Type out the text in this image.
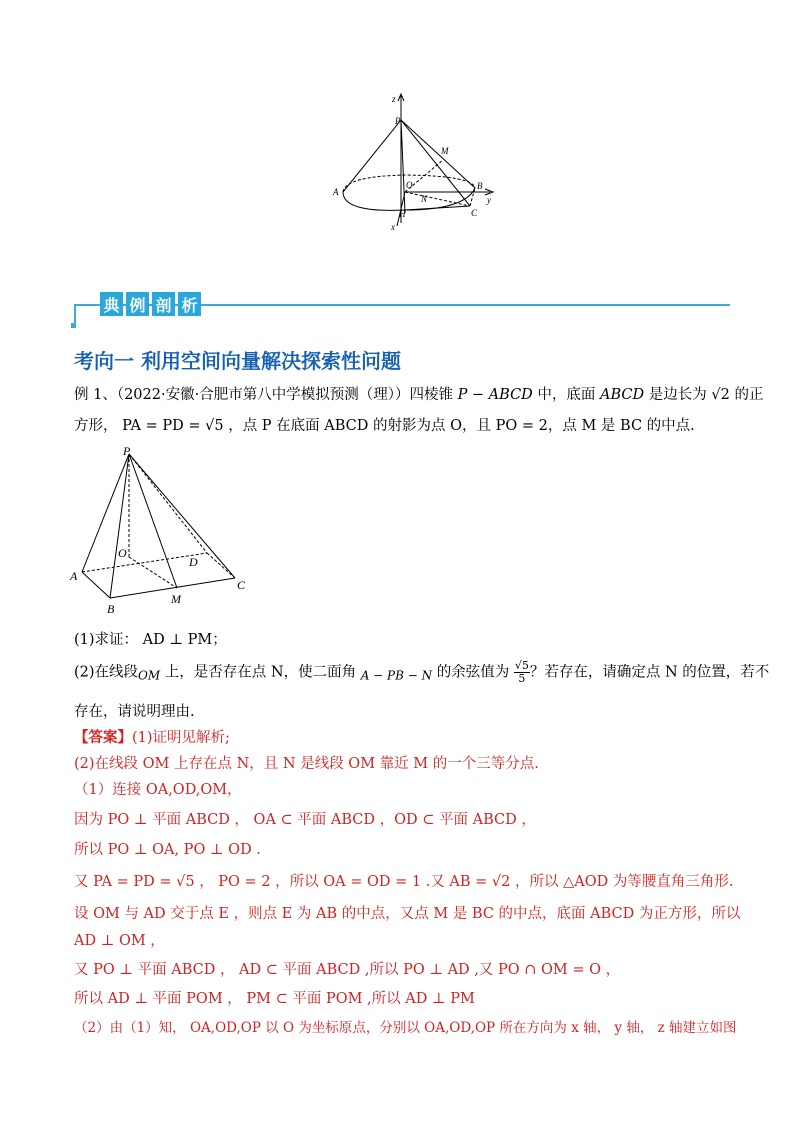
z
P
M
A
O
N
B
y
H	C
x
典 例 剖 析
考向一 利用空间向量解决探索性问题
例 1、（2022·安徽·合肥市第八中学模拟预测（理））四棱锥 P − ABCD 中，底面 ABCD 是边长为 √2 的正
方形， PA = PD = √5 ，点 P 在底面 ABCD 的射影为点 O，且 PO = 2，点 M 是 BC 的中点.
P
O
D
A
C
B
M
(1)求证： AD ⊥ PM；
(2)在线段$_{OM}$ 上，是否存在点 N，使二面角 $_{A - PB - N}$ 的余弦值为 $\frac{√5}{5}$ ？若存在，请确定点 N 的位置，若不
存在，请说明理由.
【答案】(1)证明见解析;
(2)在线段 OM 上存在点 N，且 N 是线段 OM 靠近 M 的一个三等分点.
（1）连接 OA,OD,OM，
因为 PO ⊥ 平面 ABCD ， OA ⊂ 平面 ABCD ，OD ⊂ 平面 ABCD ，
所以 PO ⊥ OA, PO ⊥ OD .
又 PA = PD = √5 ， PO = 2 ，所以 OA = OD = 1 .又 AB = √2 ，所以 △AOD 为等腰直角三角形.
设 OM 与 AD 交于点 E ，则点 E 为 AB 的中点，又点 M 是 BC 的中点，底面 ABCD 为正方形，所以
AD ⊥ OM ，
又 PO ⊥ 平面 ABCD ， AD ⊂ 平面 ABCD ,所以 PO ⊥ AD ,又 PO ∩ OM = O ，
所以 AD ⊥ 平面 POM ， PM ⊂ 平面 POM ,所以 AD ⊥ PM
（2）由（1）知， OA,OD,OP 以 O 为坐标原点，分别以 OA,OD,OP 所在方向为 x 轴， y 轴， z 轴建立如图
